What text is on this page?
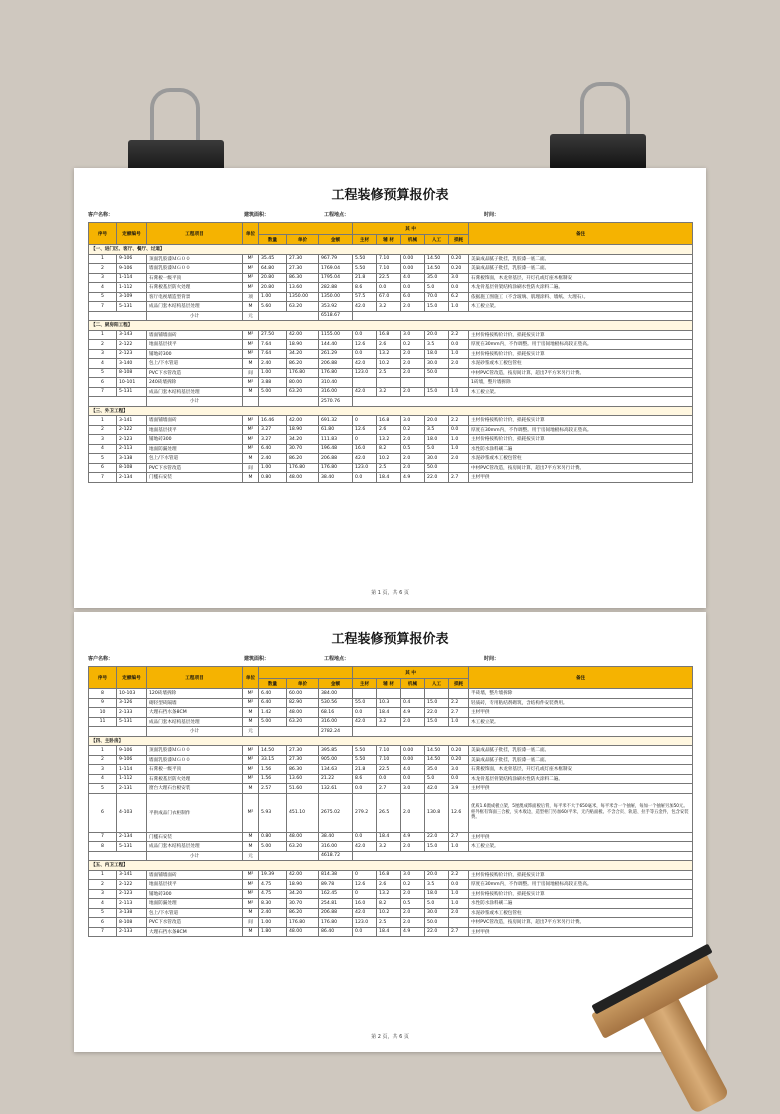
工程装修预算报价表
客户名称：	建筑面积：	工程地点：	时间：
序号	定额编号	工程项目	单位				其 中					备注
				数量	单价	金额	主材	辅 材	机械	人工	损耗	
【一、进门区、客厅、餐厅、过道】												
1	9-106	顶面乳胶漆ＭＧ００	M²	35.45	27.30	967.79	5.50	7.10	0.00	14.50	0.20	美巢成品腻子批挂，乳胶漆一底二面。
2	9-106	墙面乳胶漆ＭＧ００	M²	64.80	27.30	1769.04	5.50	7.10	0.00	14.50	0.20	美巢成品腻子批挂，乳胶漆一底二面。
3	1-114	石膏板一级平顶	M²	20.80	86.30	1795.04	21.8	22.5	4.0	35.0	3.0	石膏板饰面，木龙骨基层，开灯孔或灯座木框制安
4	1-112	石膏板基层防火处理	M²	20.80	13.60	282.88	8.6	0.0	0.0	5.0	0.0	木龙骨基层骨架结构涂刷水性防火涂料二遍。
5	3-109	客厅电视墙造型背景	项	1.00	1350.00	1350.00	57.5	67.0	6.0	70.0	6.2	依据施工图施工（不含玻璃、肌理涂料、墙纸、大理石）。
7	5-131	成品门套木结构基层处理	M	5.60	63.20	353.92	42.0	3.2	2.0	15.0	1.0	木工板立架。
		小计	元			6518.67						
【二、厨房阳工程】												
1	3-143	墙面铺墙面砖	M²	27.50	42.00	1155.00	0.0	16.8	3.0	20.0	2.2	主材价格按购价计价，损耗按实计算
2	2-122	地面基层找平	M²	7.64	18.90	144.40	12.6	2.6	0.2	3.5	0.0	厚度在30mm内，不作调整。用于房间地板标高较正垫高。
3	2-123	铺地砖300	M²	7.64	34.20	261.29	0.0	13.2	2.0	18.0	1.0	主材价格按购价计价，损耗按实计算
4	3-140	包上/下水管道	M	2.40	86.20	206.88	42.0	10.2	2.0	30.0	2.0	水泥砂浆或木工板包管柱
5	8-108	PVC下水管改造	间	1.00	176.80	176.80	123.0	2.5	2.0	50.0		中材PVC管改造，按房间计算，超出7平方米另行计费。
6	10-101	240砖墙拆除	M²	3.88	80.00	310.40						1砖墙，整片墙拆除
7	5-131	成品门套木结构基层处理	M	5.00	63.20	316.00	42.0	3.2	2.0	15.0	1.0	木工板立架。
		小计				2570.76						
【三、外卫工程】												
1	3-141	墙面铺墙面砖	M²	16.46	42.00	691.32	0	16.8	3.0	20.0	2.2	主材价格按购价计价，损耗按实计算
2	2-122	地面基层找平	M²	3.27	18.90	61.80	12.6	2.6	0.2	3.5	0.0	厚度在30mm内，不作调整。用于房间地板标高较正垫高。
3	2-123	铺地砖300	M²	3.27	34.20	111.83	0	13.2	2.0	18.0	1.0	主材价格按购价计价，损耗按实计算
4	2-113	地面防漏处理	M²	6.40	30.70	196.48	16.0	8.2	0.5	5.0	1.0	水性防水涂料刷二遍
5	3-138	包上/下水管道	M	2.40	86.20	206.88	42.0	10.2	2.0	30.0	2.0	水泥砂浆或木工板包管柱
6	8-108	PVC下水管改造	间	1.00	176.80	176.80	123.0	2.5	2.0	50.0		中材PVC管改造，按房间计算，超出7平方米另行计费。
7	2-134	门槛石安装	M	0.80	48.00	38.40	0.0	18.4	4.9	22.0	2.7	主材甲供
第 1 页，共 6 页
工程装修预算报价表
客户名称：	建筑面积：	工程地点：	时间：
序号	定额编号	工程项目	单位				其 中					备注
				数量	单价	金额	主材	辅 材	机械	人工	损耗	
8	10-103	120砖墙拆除	M²	6.40	60.00	384.00						半砖墙，整片墙拆除
9	3-126	砌轻型砖隔墙	M²	6.40	82.90	530.56	55.0	10.3	0.4	15.0	2.2	轻质砖，专用粘结剂砌筑，含结构件安装费用。
10	2-133	大理石挡水条8CM	M	1.42	48.00	68.16	0.0	18.4	4.9	22.0	2.7	主材甲供
11	5-131	成品门套木结构基层处理	M	5.00	63.20	316.00	42.0	3.2	2.0	15.0	1.0	木工板立架。
		小计	元			2782.24						
【四、主卧房】												
1	9-106	顶面乳胶漆ＭＧ００	M²	14.50	27.30	395.85	5.50	7.10	0.00	14.50	0.20	美巢成品腻子批挂，乳胶漆一底二面。
2	9-106	墙面乳胶漆ＭＧ００	M²	33.15	27.30	905.00	5.50	7.10	0.00	14.50	0.20	美巢成品腻子批挂，乳胶漆一底二面。
3	1-114	石膏板一级平顶	M²	1.56	86.30	134.63	21.8	22.5	4.0	35.0	3.0	石膏板饰面，木龙骨基层，开灯孔或灯座木框制安
4	1-112	石膏板基层防火处理	M²	1.56	13.60	21.22	8.6	0.0	0.0	5.0	0.0	木龙骨基层骨架结构涂刷水性防火涂料二遍。
5	2-131	窗台大理石台板安装	M	2.57	51.60	132.61	0.0	2.7	3.0	42.0	3.9	主材甲供
6	4-103	平供成品门衣柜制作	M²	5.93	451.10	2675.02	279.2	26.5	2.0	130.8	12.6	优质1.6澳成板立架，5厘澳成饰面板后背，每平米不大于650毫米，每平米含一个抽屉，每加一个抽屉另加50元。柜外框有饰面三合板，实木收边，造型柜门另加60/平米，无内贴面板。不含合页、轨道、拉手等五金件，包含安装费。
7	2-134	门槛石安装	M	0.80	48.00	38.40	0.0	18.4	4.9	22.0	2.7	主材甲供
8	5-131	成品门套木结构基层处理	M	5.00	63.20	316.00	42.0	3.2	2.0	15.0	1.0	木工板立架。
		小计	元			4618.72						
【五、内卫工程】												
1	3-141	墙面铺墙面砖	M²	19.39	42.00	814.38	0	16.8	3.0	20.0	2.2	主材价格按购价计价，损耗按实计算
2	2-122	地面基层找平	M²	4.75	18.90	89.78	12.6	2.6	0.2	3.5	0.0	厚度在30mm内，不作调整。用于房间地板标高较正垫高。
3	2-123	铺地砖300	M²	4.75	34.20	162.45	0	13.2	2.0	18.0	1.0	主材价格按购价计价，损耗按实计算
4	2-113	地面防漏处理	M²	8.30	30.70	254.81	16.0	8.2	0.5	5.0	1.0	水性防水涂料刷二遍
5	3-138	包上/下水管道	M	2.40	86.20	206.88	42.0	10.2	2.0	30.0	2.0	水泥砂浆或木工板包管柱
6	8-108	PVC下水管改造	间	1.00	176.80	176.80	123.0	2.5	2.0	50.0		中材PVC管改造，按房间计算，超出7平方米另行计费。
7	2-133	大理石挡水条8CM	M	1.80	48.00	86.40	0.0	18.4	4.9	22.0	2.7	主材甲供
第 2 页，共 6 页
